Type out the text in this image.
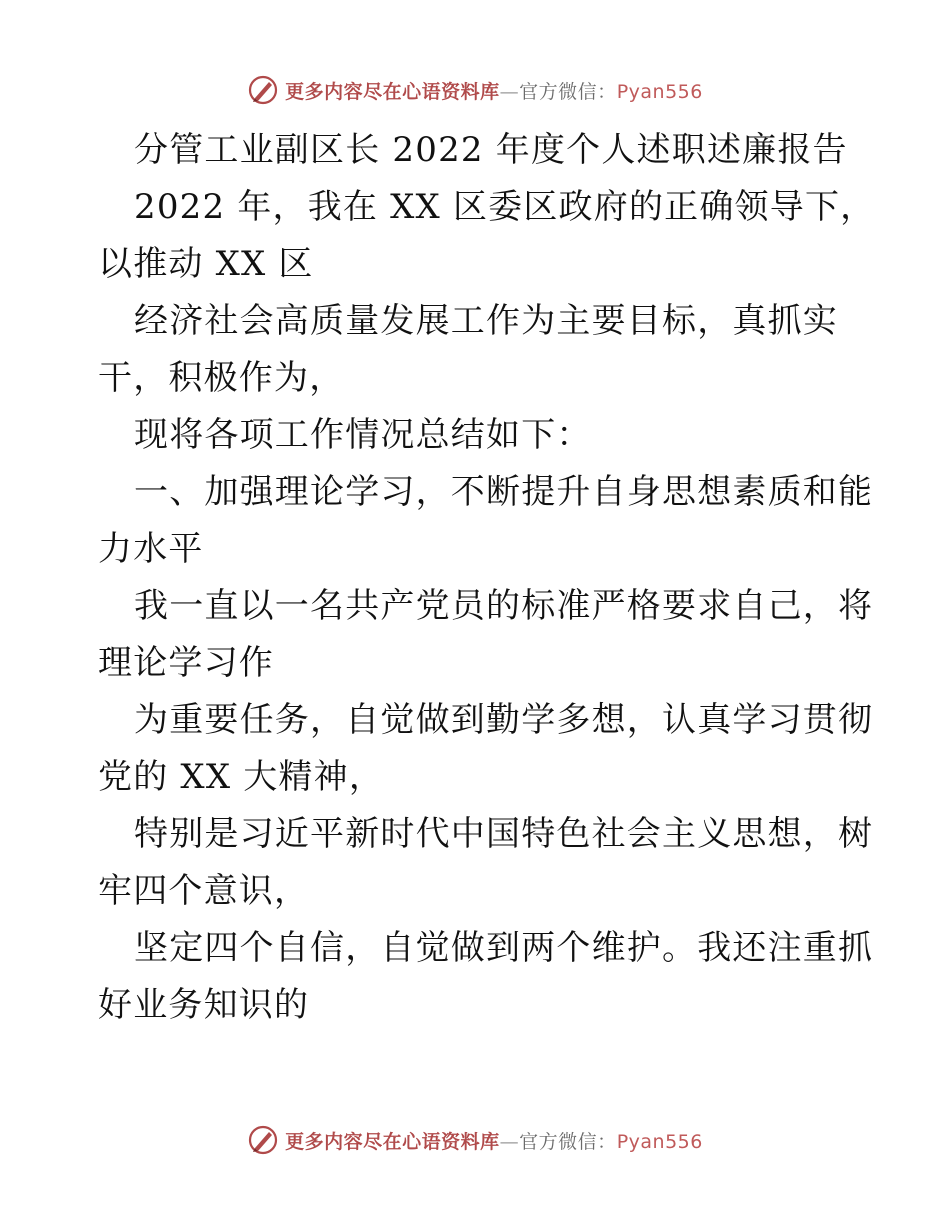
更多内容尽在心语资料库—官方微信：Pyan556
分管工业副区长 2022 年度个人述职述廉报告
2022 年，我在 XX 区委区政府的正确领导下，
以推动 XX 区
经济社会高质量发展工作为主要目标，真抓实
干，积极作为，
现将各项工作情况总结如下：
一、加强理论学习，不断提升自身思想素质和能
力水平
我一直以一名共产党员的标准严格要求自己，将
理论学习作
为重要任务，自觉做到勤学多想，认真学习贯彻
党的 XX 大精神，
特别是习近平新时代中国特色社会主义思想，树
牢四个意识，
坚定四个自信，自觉做到两个维护。我还注重抓
好业务知识的
更多内容尽在心语资料库—官方微信：Pyan556
